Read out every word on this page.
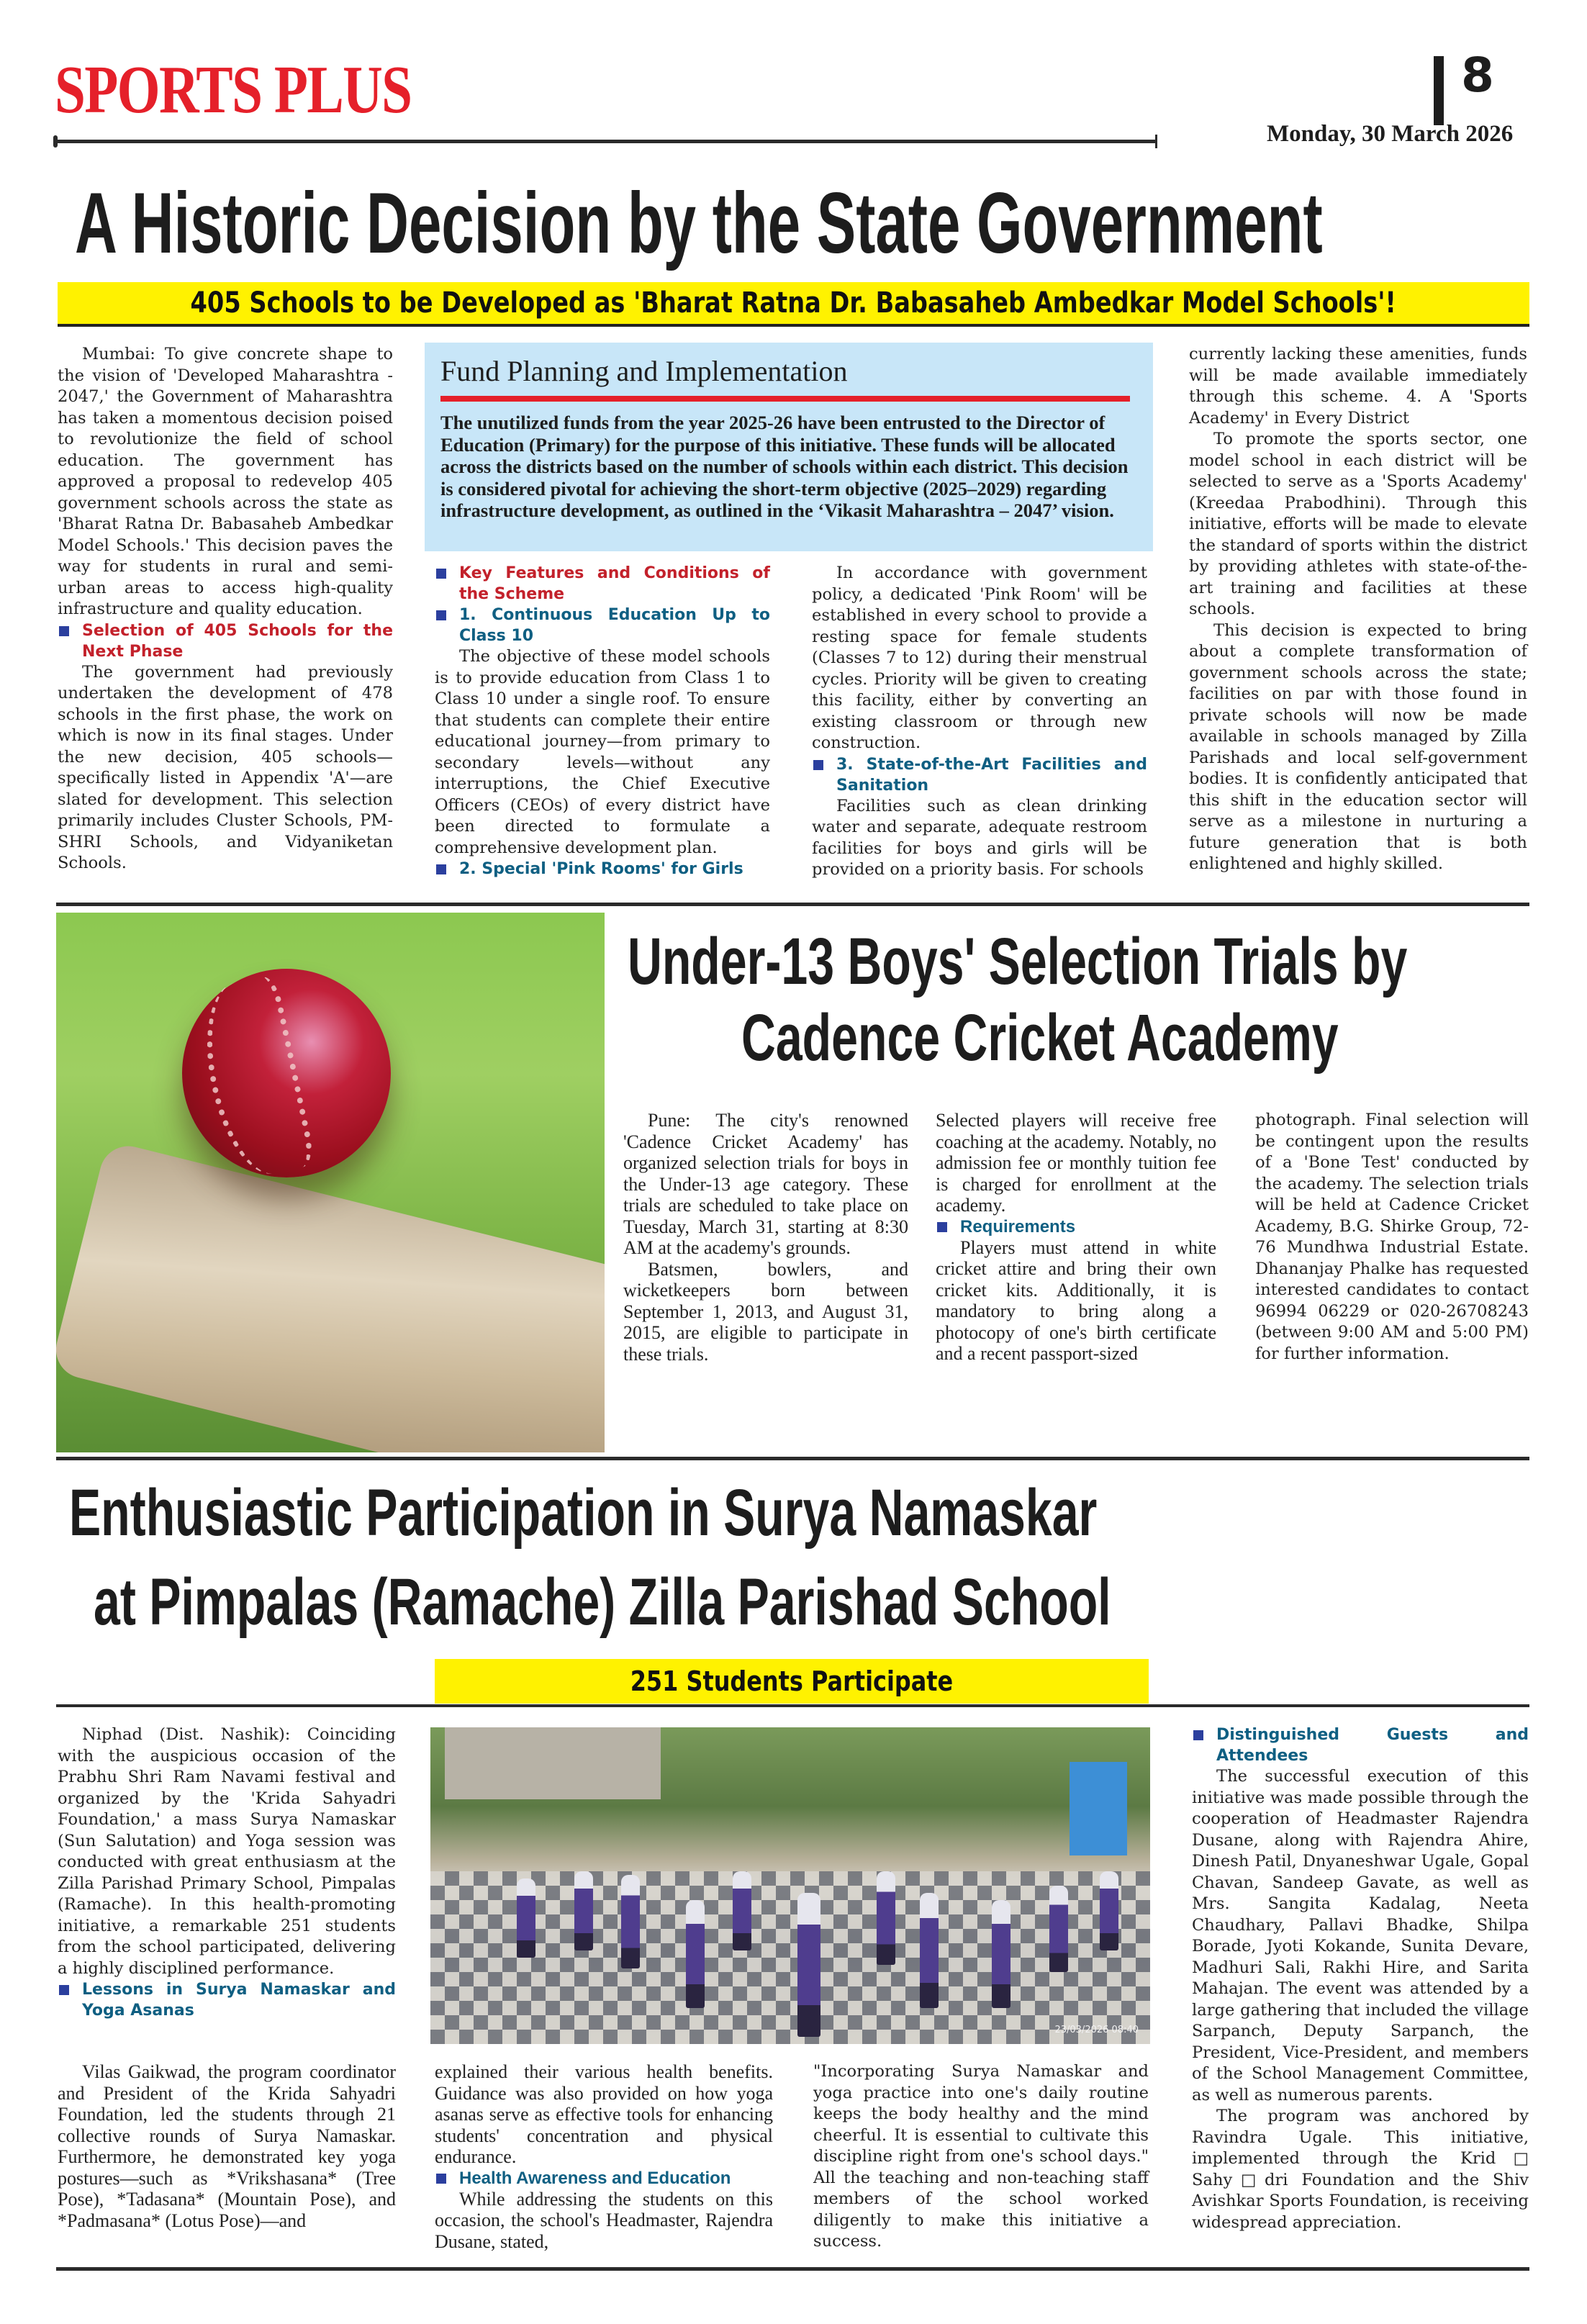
SPORTS PLUS	8
Monday, 30 March 2026
A Historic Decision by the State Government
405 Schools to be Developed as 'Bharat Ratna Dr. Babasaheb Ambedkar Model Schools'!

Mumbai: To give concrete shape to the vision of 'Developed Maharashtra - 2047,' the Government of Maharashtra has taken a momentous decision poised to revolutionize the field of school education. The government has approved a proposal to redevelop 405 government schools across the state as 'Bharat Ratna Dr. Babasaheb Ambedkar Model Schools.' This decision paves the way for students in rural and semi-urban areas to access high-quality infrastructure and quality education.

Selection of 405 Schools for the Next Phase

The government had previously undertaken the development of 478 schools in the first phase, the work on which is now in its final stages. Under the new decision, 405 schools—specifically listed in Appendix 'A'—are slated for development. This selection primarily includes Cluster Schools, PM-SHRI Schools, and Vidyaniketan Schools.

Fund Planning and Implementation
The unutilized funds from the year 2025-26 have been entrusted to the Director of Education (Primary) for the purpose of this initiative. These funds will be allocated across the districts based on the number of schools within each district. This decision is considered pivotal for achieving the short-term objective (2025–2029) regarding infrastructure development, as outlined in the ‘Vikasit Maharashtra – 2047’ vision.
Key Features and Conditions of the Scheme
1. Continuous Education Up to Class 10

The objective of these model schools is to provide education from Class 1 to Class 10 under a single roof. To ensure that students can complete their entire educational journey—from primary to secondary levels—without any interruptions, the Chief Executive Officers (CEOs) of every district have been directed to formulate a comprehensive development plan.

2. Special 'Pink Rooms' for Girls

In accordance with government policy, a dedicated 'Pink Room' will be established in every school to provide a resting space for female students (Classes 7 to 12) during their menstrual cycles. Priority will be given to creating this facility, either by converting an existing classroom or through new construction.

3. State-of-the-Art Facilities and Sanitation

Facilities such as clean drinking water and separate, adequate restroom facilities for boys and girls will be provided on a priority basis. For schools

currently lacking these amenities, funds will be made available immediately through this scheme. 4. A 'Sports Academy' in Every District

To promote the sports sector, one model school in each district will be selected to serve as a 'Sports Academy' (Kreedaa Prabodhini). Through this initiative, efforts will be made to elevate the standard of sports within the district by providing athletes with state-of-the-art training and facilities at these schools.

This decision is expected to bring about a complete transformation of government schools across the state; facilities on par with those found in private schools will now be made available in schools managed by Zilla Parishads and local self-government bodies. It is confidently anticipated that this shift in the education sector will serve as a milestone in nurturing a future generation that is both enlightened and highly skilled.

Under-13 Boys' Selection Trials by
Cadence Cricket Academy

Pune: The city's renowned 'Cadence Cricket Academy' has organized selection trials for boys in the Under-13 age category. These trials are scheduled to take place on Tuesday, March 31, starting at 8:30 AM at the academy's grounds.

Batsmen, bowlers, and wicketkeepers born between September 1, 2013, and August 31, 2015, are eligible to participate in these trials.

Selected players will receive free coaching at the academy. Notably, no admission fee or monthly tuition fee is charged for enrollment at the academy.

Requirements

Players must attend in white cricket attire and bring their own cricket kits. Additionally, it is mandatory to bring along a photocopy of one's birth certificate and a recent passport-sized

photograph. Final selection will be contingent upon the results of a 'Bone Test' conducted by the academy. The selection trials will be held at Cadence Cricket Academy, B.G. Shirke Group, 72-76 Mundhwa Industrial Estate. Dhananjay Phalke has requested interested candidates to contact 96994 06229 or 020-26708243 (between 9:00 AM and 5:00 PM) for further information.

Enthusiastic Participation in Surya Namaskar
at Pimpalas (Ramache) Zilla Parishad School
251 Students Participate
23/03/2026 08:40

Niphad (Dist. Nashik): Coinciding with the auspicious occasion of the Prabhu Shri Ram Navami festival and organized by the 'Krida Sahyadri Foundation,' a mass Surya Namaskar (Sun Salutation) and Yoga session was conducted with great enthusiasm at the Zilla Parishad Primary School, Pimpalas (Ramache). In this health-promoting initiative, a remarkable 251 students from the school participated, delivering a highly disciplined performance.

Lessons in Surya Namaskar and Yoga Asanas

Vilas Gaikwad, the program coordinator and President of the Krida Sahyadri Foundation, led the students through 21 collective rounds of Surya Namaskar. Furthermore, he demonstrated key yoga postures—such as *Vrikshasana* (Tree Pose), *Tadasana* (Mountain Pose), and *Padmasana* (Lotus Pose)—and

explained their various health benefits. Guidance was also provided on how yoga asanas serve as effective tools for enhancing students' concentration and physical endurance.

Health Awareness and Education

While addressing the students on this occasion, the school's Headmaster, Rajendra Dusane, stated,

"Incorporating Surya Namaskar and yoga practice into one's daily routine keeps the body healthy and the mind cheerful. It is essential to cultivate this discipline right from one's school days." All the teaching and non-teaching staff members of the school worked diligently to make this initiative a success.

Distinguished Guests and Attendees

The successful execution of this initiative was made possible through the cooperation of Headmaster Rajendra Dusane, along with Rajendra Ahire, Dinesh Patil, Dnyaneshwar Ugale, Gopal Chavan, Sandeep Gavate, as well as Mrs. Sangita Kadalag, Neeta Chaudhary, Pallavi Bhadke, Shilpa Borade, Jyoti Kokande, Sunita Devare, Madhuri Sali, Rakhi Hire, and Sarita Mahajan. The event was attended by a large gathering that included the village Sarpanch, Deputy Sarpanch, the President, Vice-President, and members of the School Management Committee, as well as numerous parents.

The program was anchored by Ravindra Ugale. This initiative, implemented through the Krid□ Sahy□dri Foundation and the Shiv Avishkar Sports Foundation, is receiving widespread appreciation.
